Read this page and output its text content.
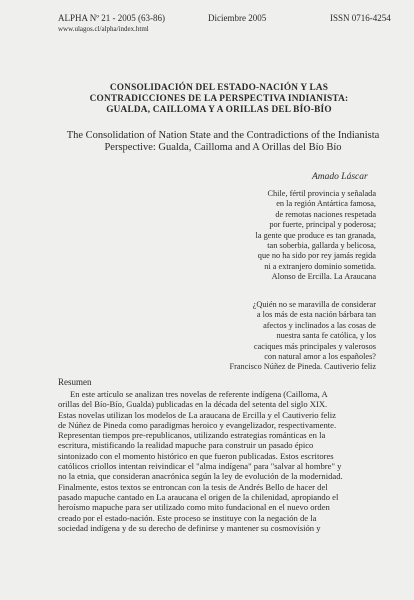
ALPHA Nº 21 - 2005 (63-86)
www.ulagos.cl/alpha/index.html
Diciembre 2005	ISSN 0716-4254
CONSOLIDACIÓN DEL ESTADO-NACIÓN Y LAS
CONTRADICCIONES DE LA PERSPECTIVA INDIANISTA:
GUALDA, CAILLOMA Y A ORILLAS DEL BÍO-BÍO
The Consolidation of Nation State and the Contradictions of the Indianista
Perspective: Gualda, Cailloma and A Orillas del Bío Bío
Amado Láscar
Chile, fértil provincia y señalada
en la región Antártica famosa,
de remotas naciones respetada
por fuerte, principal y poderosa;
la gente que produce es tan granada,
tan soberbia, gallarda y belicosa,
que no ha sido por rey jamás regida
ni a extranjero dominio sometida.
Alonso de Ercilla. La Araucana
¿Quién no se maravilla de considerar
a los más de esta nación bárbara tan
afectos y inclinados a las cosas de
nuestra santa fe católica, y los
caciques más principales y valerosos
con natural amor a los españoles?
Francisco Núñez de Pineda. Cautiverio feliz
Resumen
En este artículo se analizan tres novelas de referente indígena (Cailloma, A
orillas del Bío-Bío, Gualda) publicadas en la década del setenta del siglo XIX.
Estas novelas utilizan los modelos de La araucana de Ercilla y el Cautiverio feliz
de Núñez de Pineda como paradigmas heroico y evangelizador, respectivamente.
Representan tiempos pre-republicanos, utilizando estrategias románticas en la
escritura, mistificando la realidad mapuche para construir un pasado épico
sintonizado con el momento histórico en que fueron publicadas. Estos escritores
católicos criollos intentan reivindicar el "alma indígena" para "salvar al hombre" y
no la etnia, que consideran anacrónica según la ley de evolución de la modernidad.
Finalmente, estos textos se entroncan con la tesis de Andrés Bello de hacer del
pasado mapuche cantado en La araucana el origen de la chilenidad, apropiando el
heroísmo mapuche para ser utilizado como mito fundacional en el nuevo orden
creado por el estado-nación. Este proceso se instituye con la negación de la
sociedad indígena y de su derecho de definirse y mantener su cosmovisión y
